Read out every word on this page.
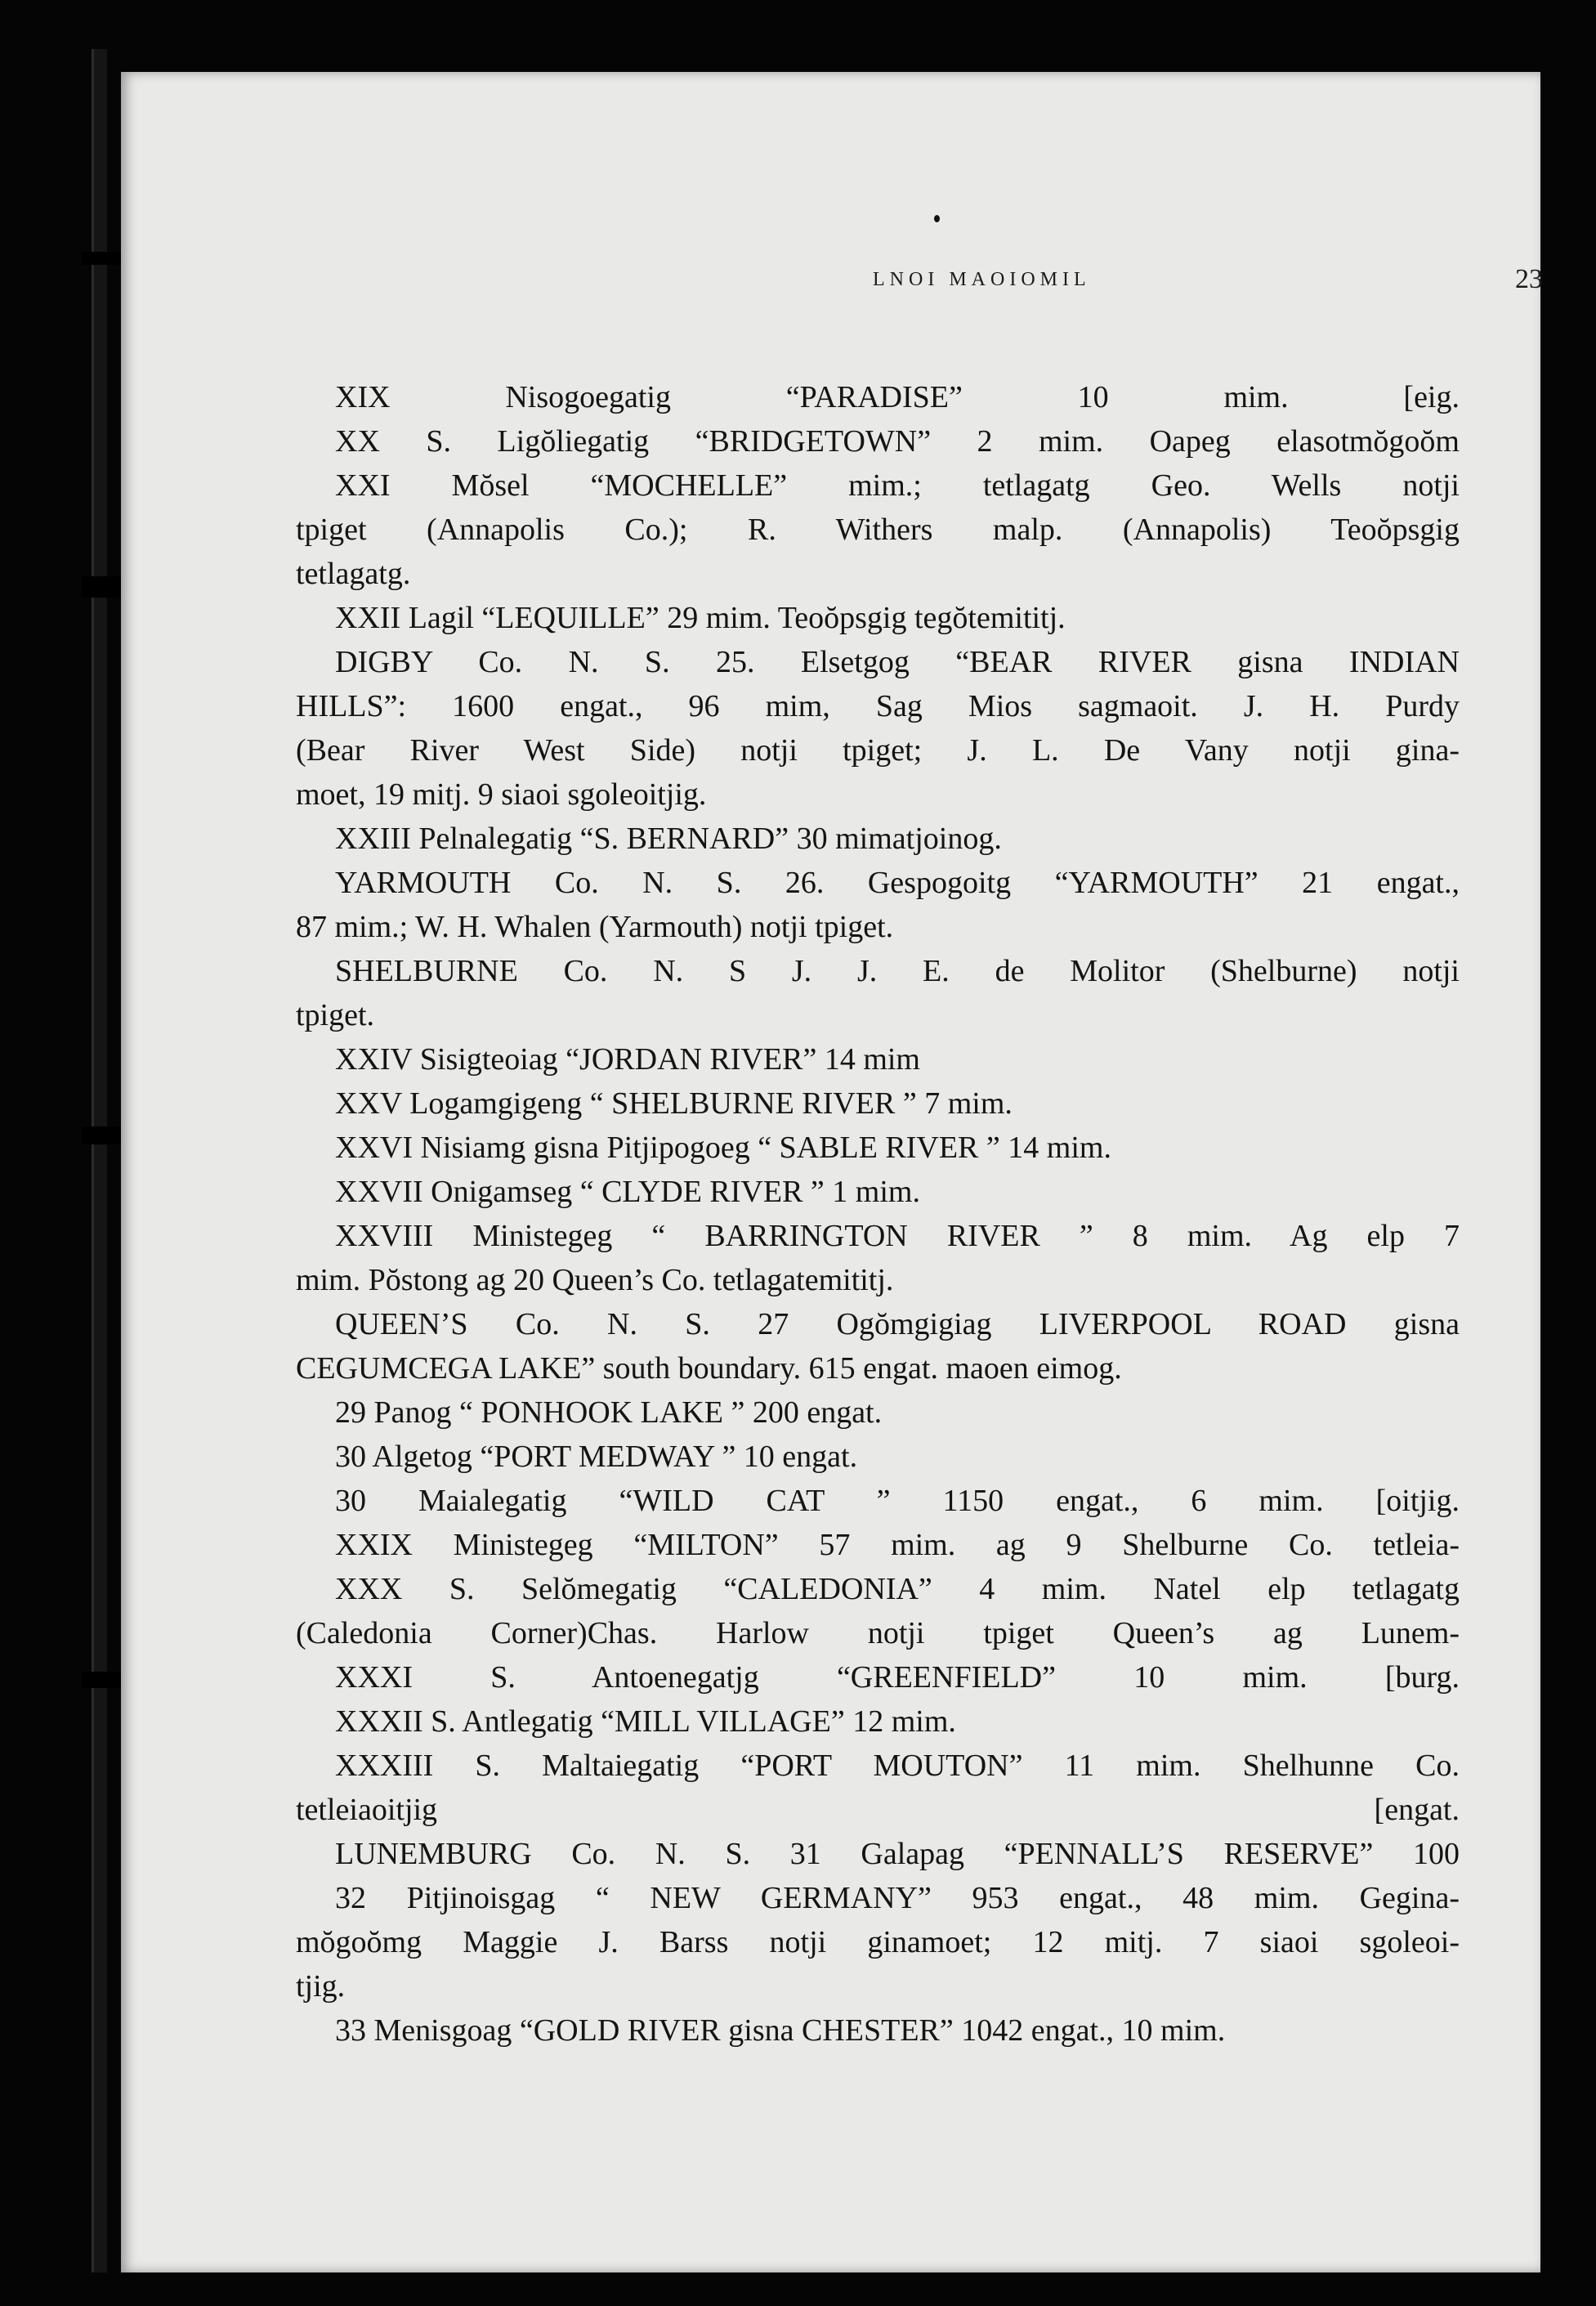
LNOI MAOIOMIL	23
XIX Nisogoegatig “PARADISE” 10 mim. [eig.
XX S. Ligŏliegatig “BRIDGETOWN” 2 mim. Oapeg elasotmŏgoŏm
XXI Mŏsel “MOCHELLE” mim.; tetlagatg Geo. Wells notji
tpiget (Annapolis Co.); R. Withers malp. (Annapolis) Teoŏpsgig
tetlagatg.
XXII Lagil “LEQUILLE” 29 mim. Teoŏpsgig tegŏtemititj.
DIGBY Co. N. S. 25. Elsetgog “BEAR RIVER gisna INDIAN
HILLS”: 1600 engat., 96 mim, Sag Mios sagmaoit. J. H. Purdy
(Bear River West Side) notji tpiget; J. L. De Vany notji gina-
moet, 19 mitj. 9 siaoi sgoleoitjig.
XXIII Pelnalegatig “S. BERNARD” 30 mimatjoinog.
YARMOUTH Co. N. S. 26. Gespogoitg “YARMOUTH” 21 engat.,
87 mim.; W. H. Whalen (Yarmouth) notji tpiget.
SHELBURNE Co. N. S J. J. E. de Molitor (Shelburne) notji
tpiget.
XXIV Sisigteoiag “JORDAN RIVER” 14 mim
XXV Logamgigeng “ SHELBURNE RIVER ” 7 mim.
XXVI Nisiamg gisna Pitjipogoeg “ SABLE RIVER ” 14 mim.
XXVII Onigamseg “ CLYDE RIVER ” 1 mim.
XXVIII Ministegeg “ BARRINGTON RIVER ” 8 mim. Ag elp 7
mim. Pŏstong ag 20 Queen’s Co. tetlagatemititj.
QUEEN’S Co. N. S. 27 Ogŏmgigiag LIVERPOOL ROAD gisna
CEGUMCEGA LAKE” south boundary. 615 engat. maoen eimog.
29 Panog “ PONHOOK LAKE ” 200 engat.
30 Algetog “PORT MEDWAY ” 10 engat.
30 Maialegatig “WILD CAT ” 1150 engat., 6 mim. [oitjig.
XXIX Ministegeg “MILTON” 57 mim. ag 9 Shelburne Co. tetleia-
XXX S. Selŏmegatig “CALEDONIA” 4 mim. Natel elp tetlagatg
(Caledonia Corner)Chas. Harlow notji tpiget Queen’s ag Lunem-
XXXI S. Antoenegatjg “GREENFIELD” 10 mim. [burg.
XXXII S. Antlegatig “MILL VILLAGE” 12 mim.
XXXIII S. Maltaiegatig “PORT MOUTON” 11 mim. Shelhunne Co.
tetleiaoitjig [engat.
LUNEMBURG Co. N. S. 31 Galapag “PENNALL’S RESERVE” 100
32 Pitjinoisgag “ NEW GERMANY” 953 engat., 48 mim. Gegina-
mŏgoŏmg Maggie J. Barss notji ginamoet; 12 mitj. 7 siaoi sgoleoi-
tjig.
33 Menisgoag “GOLD RIVER gisna CHESTER” 1042 engat., 10 mim.
